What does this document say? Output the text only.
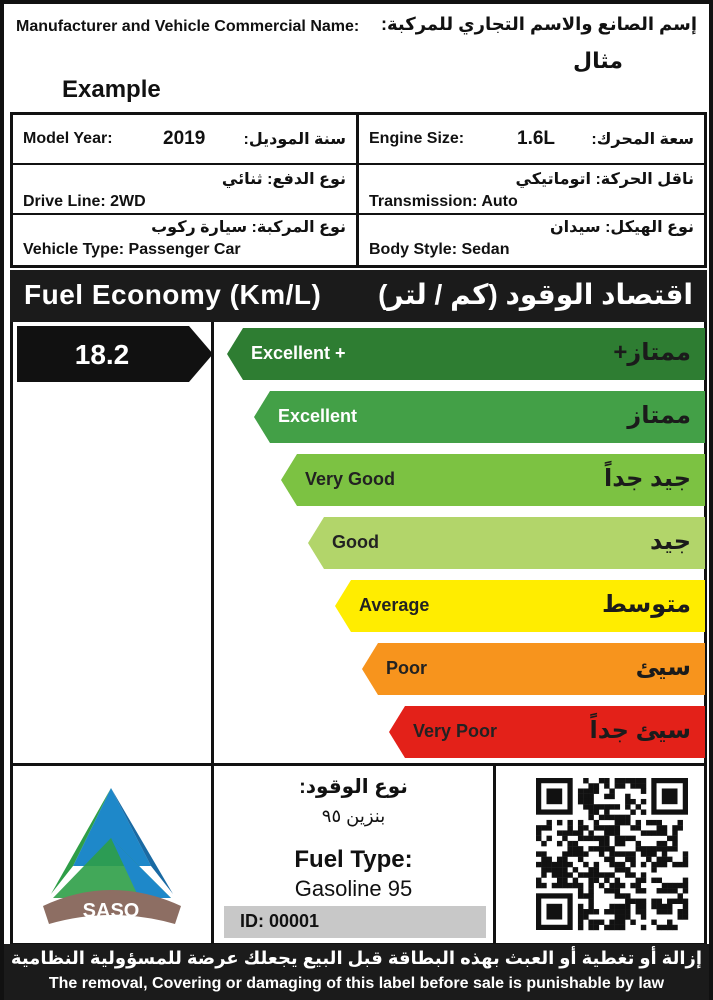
Manufacturer and Vehicle Commercial Name: إسم الصانع والاسم التجاري للمركبة:
مثال
Example
Model Year:	2019 سنة الموديل:
نوع الدفع: ثنائي
Drive Line: 2WD
نوع المركبة: سيارة ركوب
Vehicle Type: Passenger Car
Engine Size:	1.6L سعة المحرك:
ناقل الحركة: اتوماتيكي
Transmission: Auto
نوع الهيكل: سيدان
Body Style: Sedan
Fuel Economy (Km/L) اقتصاد الوقود (كم / لتر)
18.2	Excellent +	ممتاز+
Excellent	ممتاز
Very Good	جيد جداً
Good	جيد
Average	متوسط
Poor	سيئ
Very Poor	سيئ جداً
SASO
نوع الوقود:
بنزين ٩٥
Fuel Type:
Gasoline 95
ID: 00001
إزالة أو تغطية أو العبث بهذه البطاقة قبل البيع يجعلك عرضة للمسؤولية النظامية
The removal, Covering or damaging of this label before sale is punishable by law
